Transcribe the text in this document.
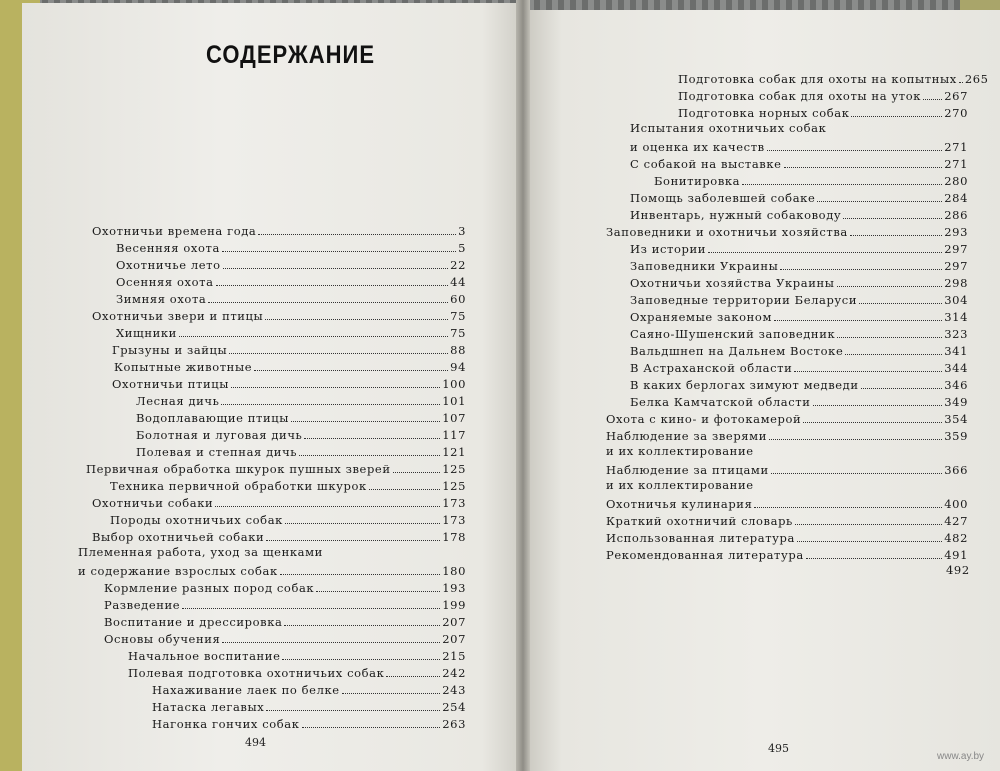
СОДЕРЖАНИЕ
Охотничьи времена года	3
Весенняя охота	5
Охотничье лето	22
Осенняя охота	44
Зимняя охота	60
Охотничьи звери и птицы	75
Хищники	75
Грызуны и зайцы	88
Копытные животные	94
Охотничьи птицы	100
Лесная дичь	101
Водоплавающие птицы	107
Болотная и луговая дичь	117
Полевая и степная дичь	121
Первичная обработка шкурок пушных зверей	125
Техника первичной обработки шкурок	125
Охотничьи собаки	173
Породы охотничьих собак	173
Выбор охотничьей собаки	178
Племенная работа, уход за щенками
и содержание взрослых собак	180
Кормление разных пород собак	193
Разведение	199
Воспитание и дрессировка	207
Основы обучения	207
Начальное воспитание	215
Полевая подготовка охотничьих собак	242
Нахаживание лаек по белке	243
Натаска легавых	254
Нагонка гончих собак	263
Подготовка собак для охоты на копытных 265
Подготовка собак для охоты на уток 267
Подготовка норных собак	270
Испытания охотничьих собак
и оценка их качеств	271
С собакой на выставке	271
Бонитировка	280
Помощь заболевшей собаке	284
Инвентарь, нужный собаководу	286
Заповедники и охотничьи хозяйства	293
Из истории	297
Заповедники Украины	297
Охотничьи хозяйства Украины	298
Заповедные территории Беларуси	304
Охраняемые законом	314
Саяно-Шушенский заповедник	323
Вальдшнеп на Дальнем Востоке	341
В Астраханской области	344
В каких берлогах зимуют медведи	346
Белка Камчатской области	349
Охота с кино- и фотокамерой	354
Наблюдение за зверями	359
и их коллектирование
Наблюдение за птицами	366
и их коллектирование
Охотничья кулинария	400
Краткий охотничий словарь	427
Использованная литература	482
Рекомендованная литература	491
492
494	495
www.ay.by
